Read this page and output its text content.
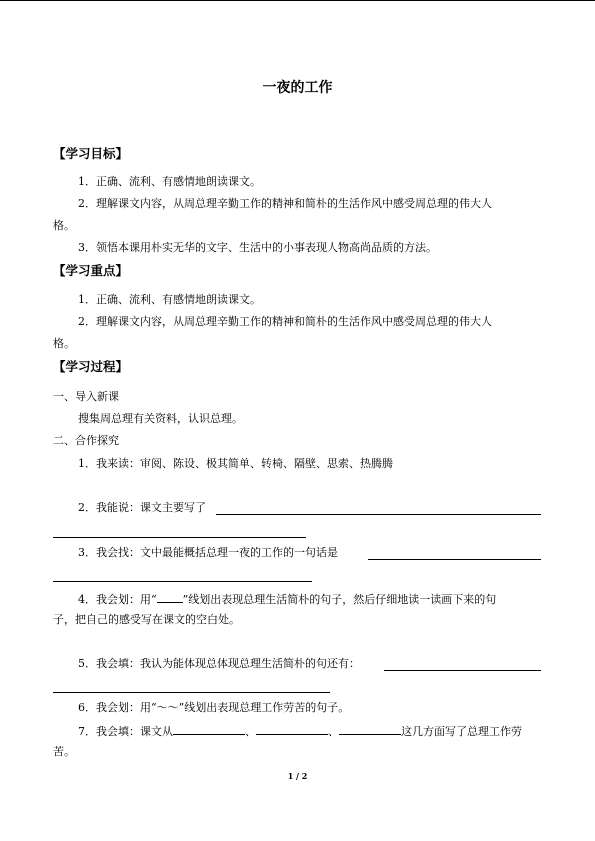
一夜的工作
【学习目标】
1．正确、流利、有感情地朗读课文。
2．理解课文内容，从周总理辛勤工作的精神和简朴的生活作风中感受周总理的伟大人
格。
3．领悟本课用朴实无华的文字、生活中的小事表现人物高尚品质的方法。
【学习重点】
1．正确、流利、有感情地朗读课文。
2．理解课文内容，从周总理辛勤工作的精神和简朴的生活作风中感受周总理的伟大人
格。
【学习过程】
一、导入新课
搜集周总理有关资料，认识总理。
二、合作探究
1．我来读：审阅、陈设、极其简单、转椅、隔壁、思索、热腾腾
2．我能说：课文主要写了
3．我会找：文中最能概括总理一夜的工作的一句话是
4．我会划：用“ ”线划出表现总理生活简朴的句子，然后仔细地读一读画下来的句
子，把自己的感受写在课文的空白处。
5．我会填：我认为能体现总体现总理生活简朴的句还有：
6．我会划：用“～～”线划出表现总理工作劳苦的句子。
7．我会填：课文从	、	、	这几方面写了总理工作劳
苦。
1 / 2
